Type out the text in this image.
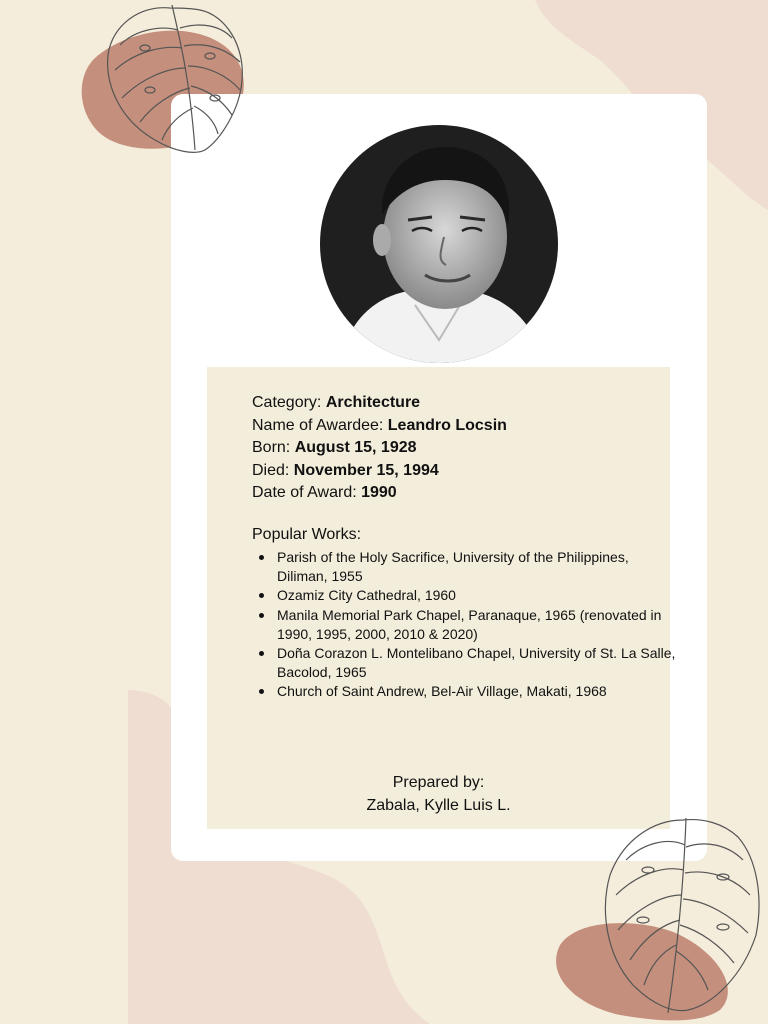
Category: Architecture
Name of Awardee: Leandro Locsin
Born: August 15, 1928
Died: November 15, 1994
Date of Award: 1990
Popular Works:
Parish of the Holy Sacrifice, University of the Philippines, Diliman, 1955
Ozamiz City Cathedral, 1960
Manila Memorial Park Chapel, Paranaque, 1965 (renovated in 1990, 1995, 2000, 2010 & 2020)
Doña Corazon L. Montelibano Chapel, University of St. La Salle, Bacolod, 1965
Church of Saint Andrew, Bel-Air Village, Makati, 1968
Prepared by:
Zabala, Kylle Luis L.
